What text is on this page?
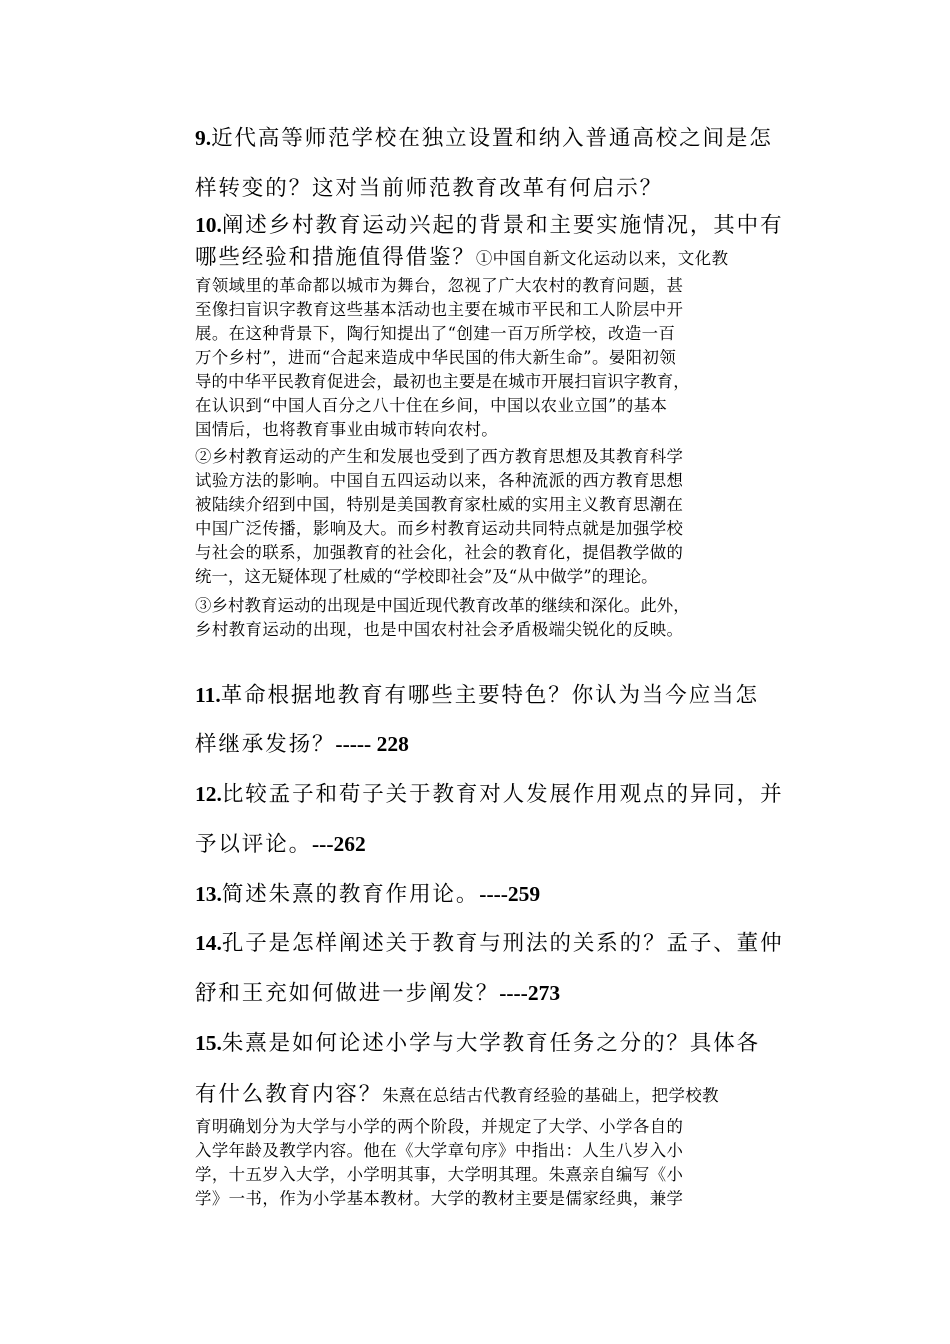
9.近代高等师范学校在独立设置和纳入普通高校之间是怎
样转变的？这对当前师范教育改革有何启示？
10.阐述乡村教育运动兴起的背景和主要实施情况，其中有
哪些经验和措施值得借鉴？①中国自新文化运动以来，文化教
育领域里的革命都以城市为舞台，忽视了广大农村的教育问题，甚
至像扫盲识字教育这些基本活动也主要在城市平民和工人阶层中开
展。在这种背景下，陶行知提出了“创建一百万所学校，改造一百
万个乡村”，进而“合起来造成中华民国的伟大新生命”。晏阳初领
导的中华平民教育促进会，最初也主要是在城市开展扫盲识字教育，
在认识到“中国人百分之八十住在乡间，中国以农业立国”的基本
国情后，也将教育事业由城市转向农村。
②乡村教育运动的产生和发展也受到了西方教育思想及其教育科学
试验方法的影响。中国自五四运动以来，各种流派的西方教育思想
被陆续介绍到中国，特别是美国教育家杜威的实用主义教育思潮在
中国广泛传播，影响及大。而乡村教育运动共同特点就是加强学校
与社会的联系，加强教育的社会化，社会的教育化，提倡教学做的
统一，这无疑体现了杜威的“学校即社会”及“从中做学”的理论。
③乡村教育运动的出现是中国近现代教育改革的继续和深化。此外，
乡村教育运动的出现，也是中国农村社会矛盾极端尖锐化的反映。
11.革命根据地教育有哪些主要特色？你认为当今应当怎
样继承发扬？----- 228
12.比较孟子和荀子关于教育对人发展作用观点的异同，并
予以评论。---262
13.简述朱熹的教育作用论。----259
14.孔子是怎样阐述关于教育与刑法的关系的？孟子、董仲
舒和王充如何做进一步阐发？----273
15.朱熹是如何论述小学与大学教育任务之分的？具体各
有什么教育内容？朱熹在总结古代教育经验的基础上，把学校教
育明确划分为大学与小学的两个阶段，并规定了大学、小学各自的
入学年龄及教学内容。他在《大学章句序》中指出：人生八岁入小
学，十五岁入大学，小学明其事，大学明其理。朱熹亲自编写《小
学》一书，作为小学基本教材。大学的教材主要是儒家经典，兼学
